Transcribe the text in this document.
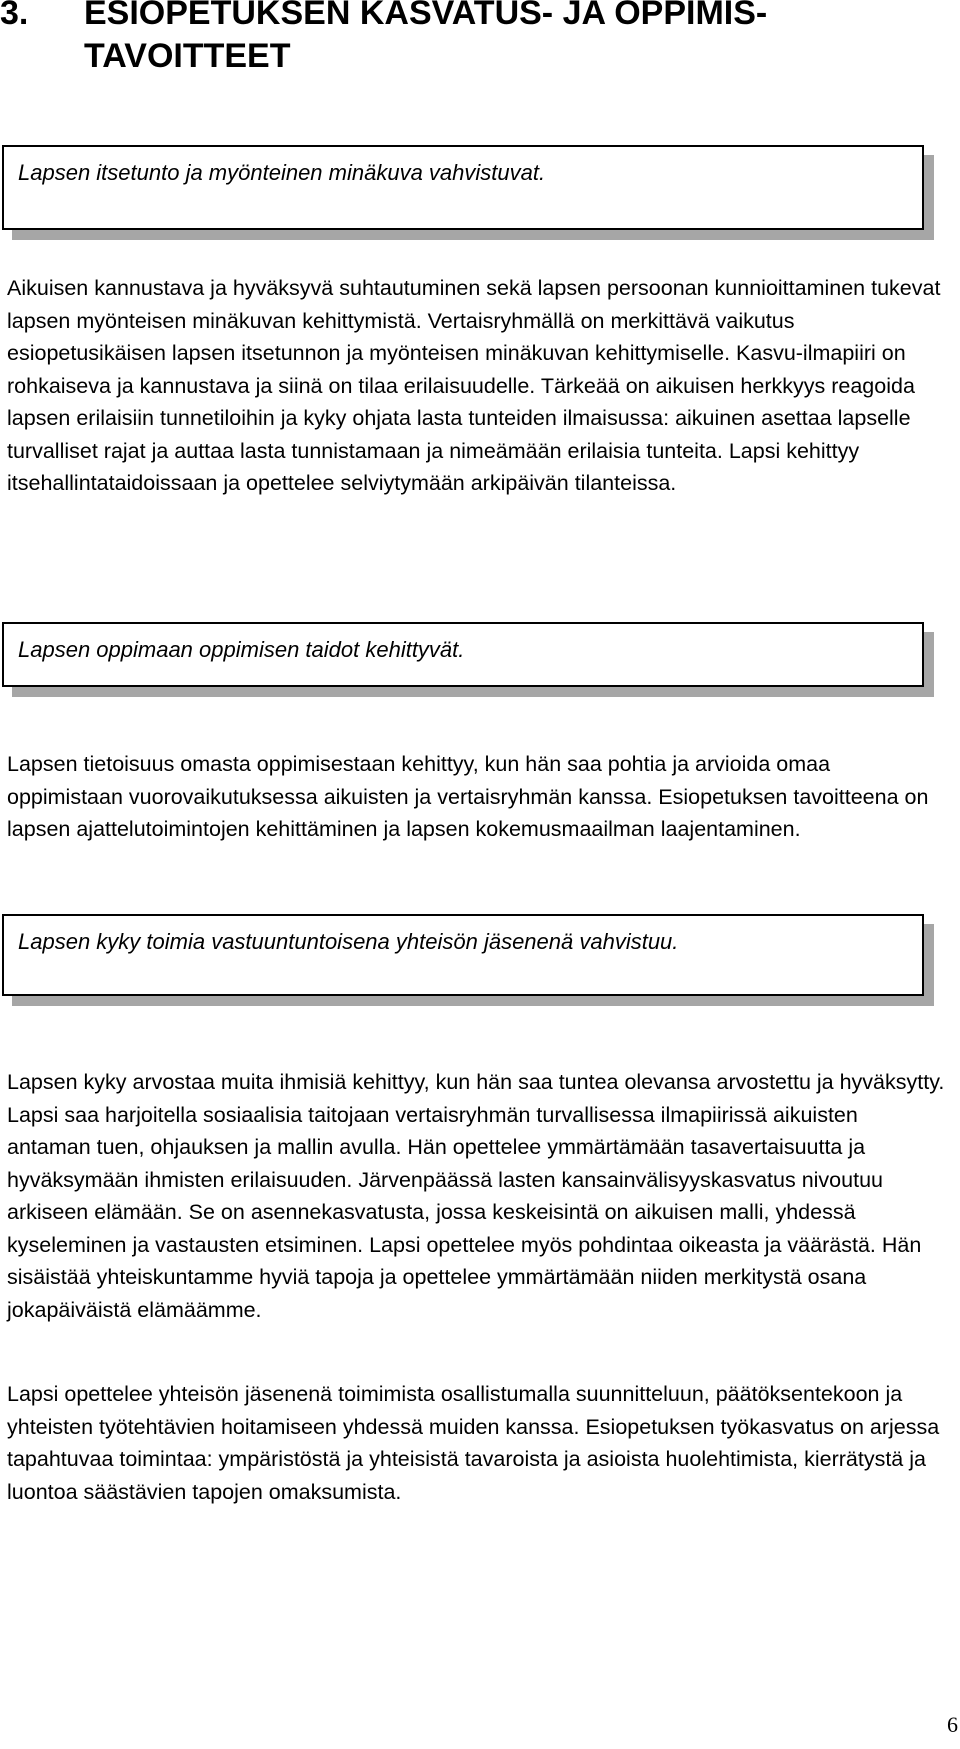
3. ESIOPETUKSEN KASVATUS- JA OPPIMIS-
TAVOITTEET
Lapsen itsetunto ja myönteinen minäkuva vahvistuvat.

Aikuisen kannustava ja hyväksyvä suhtautuminen sekä lapsen persoonan kunnioittaminen tukevat lapsen myönteisen minäkuvan kehittymistä. Vertaisryhmällä on merkittävä vaikutus esiopetusikäisen lapsen itsetunnon ja myönteisen minäkuvan kehittymiselle. Kasvu-ilmapiiri on rohkaiseva ja kannustava ja siinä on tilaa erilaisuudelle. Tärkeää on aikuisen herkkyys reagoida lapsen erilaisiin tunnetiloihin ja kyky ohjata lasta tunteiden ilmaisussa: aikuinen asettaa lapselle turvalliset rajat ja auttaa lasta tunnistamaan ja nimeämään erilaisia tunteita. Lapsi kehittyy itsehallintataidoissaan ja opettelee selviytymään arkipäivän tilanteissa.

Lapsen oppimaan oppimisen taidot kehittyvät.

Lapsen tietoisuus omasta oppimisestaan kehittyy, kun hän saa pohtia ja arvioida omaa oppimistaan vuorovaikutuksessa aikuisten ja vertaisryhmän kanssa. Esiopetuksen tavoitteena on lapsen ajattelutoimintojen kehittäminen ja lapsen kokemusmaailman laajentaminen.

Lapsen kyky toimia vastuuntuntoisena yhteisön jäsenenä vahvistuu.

Lapsen kyky arvostaa muita ihmisiä kehittyy, kun hän saa tuntea olevansa arvostettu ja hyväksytty. Lapsi saa harjoitella sosiaalisia taitojaan vertaisryhmän turvallisessa ilmapiirissä aikuisten antaman tuen, ohjauksen ja mallin avulla. Hän opettelee ymmärtämään tasavertaisuutta ja hyväksymään ihmisten erilaisuuden. Järvenpäässä lasten kansainvälisyyskasvatus nivoutuu arkiseen elämään. Se on asennekasvatusta, jossa keskeisintä on aikuisen malli, yhdessä kyseleminen ja vastausten etsiminen. Lapsi opettelee myös pohdintaa oikeasta ja väärästä. Hän sisäistää yhteiskuntamme hyviä tapoja ja opettelee ymmärtämään niiden merkitystä osana jokapäiväistä elämäämme.

Lapsi opettelee yhteisön jäsenenä toimimista osallistumalla suunnitteluun, päätöksentekoon ja yhteisten työtehtävien hoitamiseen yhdessä muiden kanssa. Esiopetuksen työkasvatus on arjessa tapahtuvaa toimintaa: ympäristöstä ja yhteisistä tavaroista ja asioista huolehtimista, kierrätystä ja luontoa säästävien tapojen omaksumista.

6
